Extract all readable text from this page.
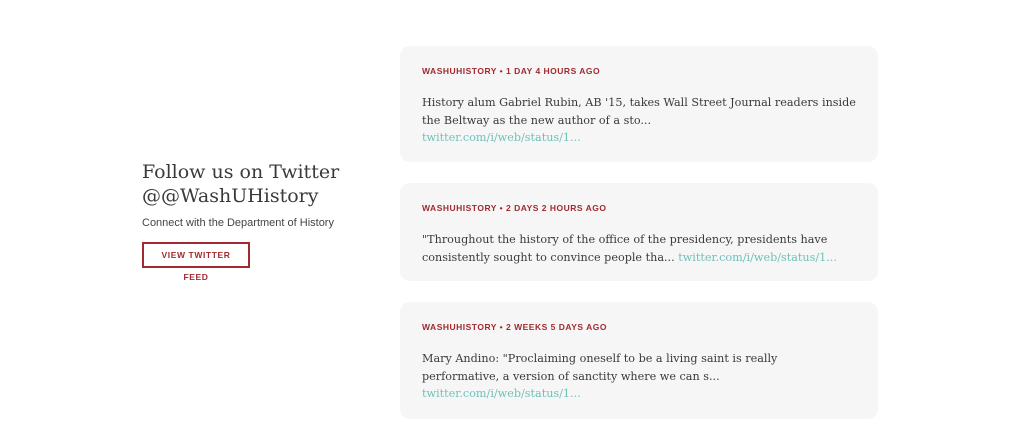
Follow us on Twitter
@@WashUHistory

Connect with the Department of History

VIEW TWITTER FEED

WASHUHISTORY • 1 DAY 4 HOURS AGO

History alum Gabriel Rubin, AB '15, takes Wall Street Journal readers inside the Beltway as the new author of a sto...
twitter.com/i/web/status/1...

WASHUHISTORY • 2 DAYS 2 HOURS AGO

"Throughout the history of the office of the presidency, presidents have consistently sought to convince people tha... twitter.com/i/web/status/1...

WASHUHISTORY • 2 WEEKS 5 DAYS AGO

Mary Andino: "Proclaiming oneself to be a living saint is really performative, a version of sanctity where we can s...
twitter.com/i/web/status/1...
